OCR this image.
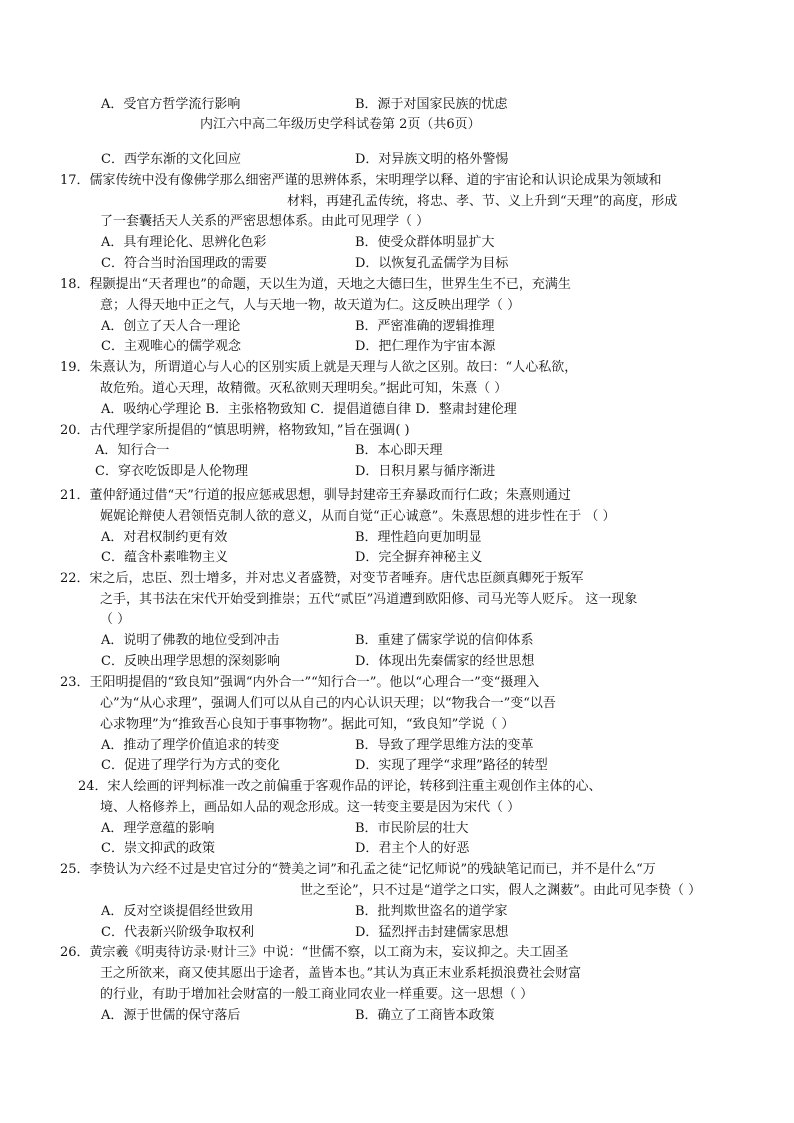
A．受官方哲学流行影响	B．源于对国家民族的忧虑
内江六中高二年级历史学科试卷第 2页（共6页）
C．西学东渐的文化回应	D．对异族文明的格外警惕
17．儒家传统中没有像佛学那么细密严谨的思辨体系，宋明理学以释、道的宇宙论和认识论成果为领域和
材料，再建孔孟传统，将忠、孝、节、义上升到“天理”的高度，形成
了一套囊括天人关系的严密思想体系。由此可见理学（ ）
A．具有理论化、思辨化色彩	B．使受众群体明显扩大
C．符合当时治国理政的需要	D．以恢复孔孟儒学为目标
18．程颢提出“天者理也”的命题，天以生为道，天地之大德曰生，世界生生不已，充满生
意；人得天地中正之气，人与天地一物，故天道为仁。这反映出理学（ ）
A．创立了天人合一理论	B．严密准确的逻辑推理
C．主观唯心的儒学观念	D．把仁理作为宇宙本源
19．朱熹认为，所谓道心与人心的区别实质上就是天理与人欲之区别。故曰：“人心私欲，
故危殆。道心天理，故精微。灭私欲则天理明矣。”据此可知，朱熹（ ）
A．吸纳心学理论 B．主张格物致知 C．提倡道德自律 D．整肃封建伦理
20．古代理学家所提倡的“慎思明辨，格物致知，”旨在强调( )
A．知行合一	B．本心即天理
C．穿衣吃饭即是人伦物理	D．日积月累与循序渐进
21．董仲舒通过借“天”行道的报应惩戒思想，驯导封建帝王弃暴政而行仁政；朱熹则通过
娓娓论辩使人君领悟克制人欲的意义，从而自觉“正心诚意”。朱熹思想的进步性在于 （ ）
A．对君权制约更有效	B．理性趋向更加明显
C．蕴含朴素唯物主义	D．完全摒弃神秘主义
22．宋之后，忠臣、烈士增多，并对忠义者盛赞，对变节者唾弃。唐代忠臣颜真卿死于叛军
之手，其书法在宋代开始受到推崇；五代“贰臣”冯道遭到欧阳修、司马光等人贬斥。 这一现象
（ ）
A．说明了佛教的地位受到冲击	B．重建了儒家学说的信仰体系
C．反映出理学思想的深刻影响	D．体现出先秦儒家的经世思想
23．王阳明提倡的“致良知”强调“内外合一”“知行合一”。他以“心理合一”变“摄理入
心”为“从心求理”，强调人们可以从自己的内心认识天理；以“物我合一”变“以吾
心求物理”为“推致吾心良知于事事物物”。据此可知，“致良知”学说（ ）
A．推动了理学价值追求的转变	B．导致了理学思维方法的变革
C．促进了理学行为方式的变化	D．实现了理学“求理”路径的转型
24．宋人绘画的评判标准一改之前偏重于客观作品的评论，转移到注重主观创作主体的心、
境、人格修养上，画品如人品的观念形成。这一转变主要是因为宋代（ ）
A．理学意蕴的影响	B．市民阶层的壮大
C．崇文抑武的政策	D．君主个人的好恶
25．李贽认为六经不过是史官过分的“赞美之词”和孔孟之徒“记忆师说”的残缺笔记而已，并不是什么“万
世之至论”，只不过是“道学之口实，假人之渊薮”。由此可见李贽（ ）
A．反对空谈提倡经世致用	B．批判欺世盗名的道学家
C．代表新兴阶级争取权利	D．猛烈抨击封建儒家思想
26．黄宗羲《明夷待访录·财计三》中说：“世儒不察，以工商为末，妄议抑之。夫工固圣
王之所欲来，商又使其愿出于途者，盖皆本也。”其认为真正末业系耗损浪费社会财富
的行业，有助于增加社会财富的一般工商业同农业一样重要。这一思想（ ）
A．源于世儒的保守落后	B．确立了工商皆本政策
